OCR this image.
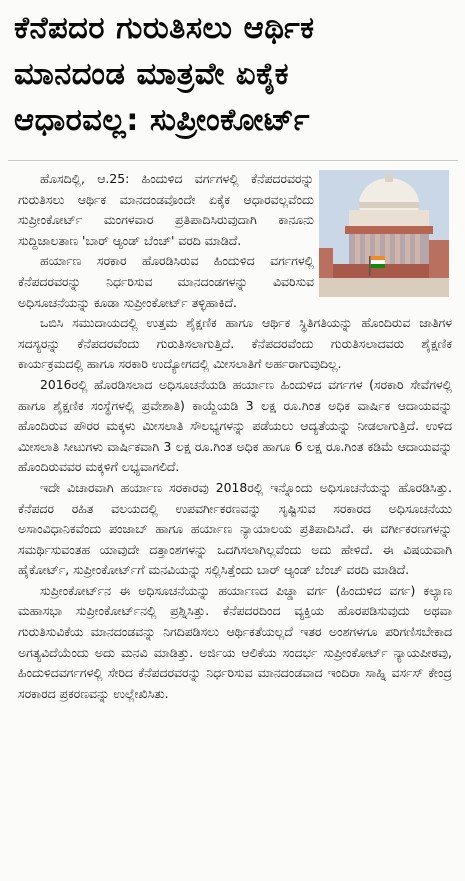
ಕೆನೆಪದರ ಗುರುತಿಸಲು ಆರ್ಥಿಕ
ಮಾನದಂಡ ಮಾತ್ರವೇ ಏಕೈಕ
ಆಧಾರವಲ್ಲ: ಸುಪ್ರೀಂಕೋರ್ಟ್

ಹೊಸದಿಲ್ಲಿ, ಆ.25: ಹಿಂದುಳಿದ ವರ್ಗಗಳಲ್ಲಿ ಕೆನೆಪದರವರನ್ನು ಗುರುತಿಸಲು ಆರ್ಥಿಕ ಮಾನದಂಡವೊಂದೇ ಏಕೈಕ ಆಧಾರವಲ್ಲವೆಂದು ಸುಪ್ರೀಂಕೋರ್ಟ್ ಮಂಗಳವಾರ ಪ್ರತಿಪಾದಿಸಿರುವುದಾಗಿ ಕಾನೂನು ಸುದ್ದಿಜಾಲತಾಣ 'ಬಾರ್ ಆ್ಯಂಡ್ ಬೆಂಚ್' ವರದಿ ಮಾಡಿದೆ.

ಹರ್ಯಾಣ ಸರಕಾರ ಹೊರಡಿಸಿರುವ ಹಿಂದುಳಿದ ವರ್ಗಗಳಲ್ಲಿ ಕೆನೆಪದರವರನ್ನು ನಿರ್ಧರಿಸುವ ಮಾನದಂಡಗಳನ್ನು ವಿವರಿಸುವ ಅಧಿಸೂಚನೆಯನ್ನು ಕೂಡಾ ಸುಪ್ರೀಂಕೋರ್ಟ್ ತಳ್ಳಿಹಾಕಿದೆ.

ಒಬಿಸಿ ಸಮುದಾಯದಲ್ಲಿ ಉತ್ತಮ ಶೈಕ್ಷಣಿಕ ಹಾಗೂ ಆರ್ಥಿಕ ಸ್ಥಿತಿಗತಿಯನ್ನು ಹೊಂದಿರುವ ಜಾತಿಗಳ ಸದಸ್ಯರನ್ನು ಕೆನೆಪದರವೆಂದು ಗುರುತಿಸಲಾಗುತ್ತಿದೆ. ಕೆನೆಪದರವೆಂದು ಗುರುತಿಸಲಾದವರು ಶೈಕ್ಷಣಿಕ ಕಾರ್ಯಕ್ರಮದಲ್ಲಿ ಹಾಗೂ ಸರಕಾರಿ ಉದ್ಯೋಗದಲ್ಲಿ ಮೀಸಲಾತಿಗೆ ಅರ್ಹರಾಗುವುದಿಲ್ಲ.

2016ರಲ್ಲಿ ಹೊರಡಿಸಲಾದ ಅಧಿಸೂಚನೆಯಡಿ ಹರ್ಯಾಣ ಹಿಂದುಳಿದ ವರ್ಗಗಳ (ಸರಕಾರಿ ಸೇವೆಗಳಲ್ಲಿ ಹಾಗೂ ಶೈಕ್ಷಣಿಕ ಸಂಸ್ಥೆಗಳಲ್ಲಿ ಪ್ರವೇಶಾತಿ) ಕಾಯ್ದೆಯಡಿ 3 ಲಕ್ಷ ರೂ.ಗಿಂತ ಅಧಿಕ ವಾರ್ಷಿಕ ಆದಾಯವನ್ನು ಹೊಂದಿರುವ ಪೌರರ ಮಕ್ಕಳು ಮೀಸಲಾತಿ ಸೌಲಭ್ಯಗಳನ್ನು ಪಡೆಯಲು ಆದ್ಯತೆಯನ್ನು ನೀಡಲಾಗುತ್ತಿದೆ. ಉಳಿದ ಮೀಸಲಾತಿ ಸೀಟುಗಳು ವಾರ್ಷಿಕವಾಗಿ 3 ಲಕ್ಷ ರೂ.ಗಿಂತ ಅಧಿಕ ಹಾಗೂ 6 ಲಕ್ಷ ರೂ.ಗಿಂತ ಕಡಿಮೆ ಆದಾಯವನ್ನು ಹೊಂದಿರುವವರ ಮಕ್ಕಳಿಗೆ ಲಭ್ಯವಾಗಲಿದೆ.

ಇದೇ ವಿಚಾರವಾಗಿ ಹರ್ಯಾಣ ಸರಕಾರವು 2018ರಲ್ಲಿ ಇನ್ನೊಂದು ಅಧಿಸೂಚನೆಯನ್ನು ಹೊರಡಿಸಿತ್ತು. ಕೆನೆಪದರ ರಹಿತ ವಲಯದಲ್ಲಿ ಉಪವರ್ಗೀಕರಣವನ್ನು ಸೃಷ್ಟಿಸುವ ಸರಕಾರದ ಅಧಿಸೂಚನೆಯು ಅಸಾಂವಿಧಾನಿಕವೆಂದು ಪಂಜಾಬ್ ಹಾಗೂ ಹರ್ಯಾಣ ನ್ಯಾಯಾಲಯ ಪ್ರತಿಪಾದಿಸಿದೆ. ಈ ವರ್ಗೀಕರಣಗಳನ್ನು ಸಮರ್ಥಿಸುವಂತಹ ಯಾವುದೇ ದತ್ತಾಂಶಗಳನ್ನು ಒದಗಿಸಲಾಗಿಲ್ಲವೆಂದು ಅದು ಹೇಳಿದೆ. ಈ ವಿಷಯವಾಗಿ ಹೈಕೋರ್ಟ್, ಸುಪ್ರೀಂಕೋರ್ಟ್‌ಗೆ ಮನವಿಯನ್ನು ಸಲ್ಲಿಸಿತ್ತೆಂದು ಬಾರ್ ಆ್ಯಂಡ್ ಬೆಂಚ್ ವರದಿ ಮಾಡಿದೆ.

ಸುಪ್ರೀಂಕೋರ್ಟ್‌ನ ಈ ಅಧಿಸೂಚನೆಯನ್ನು ಹರ್ಯಾಣದ ಪಿಚ್ಡಾ ವರ್ಗ (ಹಿಂದುಳಿದ ವರ್ಗ) ಕಲ್ಯಾಣ ಮಹಾಸಭಾ ಸುಪ್ರೀಂಕೋರ್ಟ್‌ನಲ್ಲಿ ಪ್ರಶ್ನಿಸಿತ್ತು. ಕೆನೆಪದರದಿಂದ ವ್ಯಕ್ತಿಯ ಹೊರಪಡಿಸುವುದು ಅಥವಾ ಗುರುತಿಸುವಿಕೆಯ ಮಾನದಂಡವನ್ನು ನಿಗದಿಪಡಿಸಲು ಆರ್ಥಿಕತೆಯಲ್ಲದೆ ಇತರ ಅಂಶಗಳಗೂ ಪರಿಗಣಿಸಬೇಕಾದ ಅಗತ್ಯವಿದೆಯೆಂದು ಅದು ಮನವಿ ಮಾಡಿತ್ತು. ಅರ್ಜಿಯ ಆಲಿಕೆಯ ಸಂದರ್ಭ ಸುಪ್ರೀಂಕೋರ್ಟ್ ನ್ಯಾಯಪೀಠವು, ಹಿಂದುಳಿದವರ್ಗಗಳಲ್ಲಿ ಸೇರಿದ ಕೆನೆಪದರವರನ್ನು ನಿರ್ಧರಿಸುವ ಮಾನದಂಡವಾದ ಇಂದಿರಾ ಸಾಹ್ನಿ ವರ್ಸಸ್ ಕೇಂದ್ರ ಸರಕಾರದ ಪ್ರಕರಣವನ್ನು ಉಲ್ಲೇಖಿಸಿತು.
